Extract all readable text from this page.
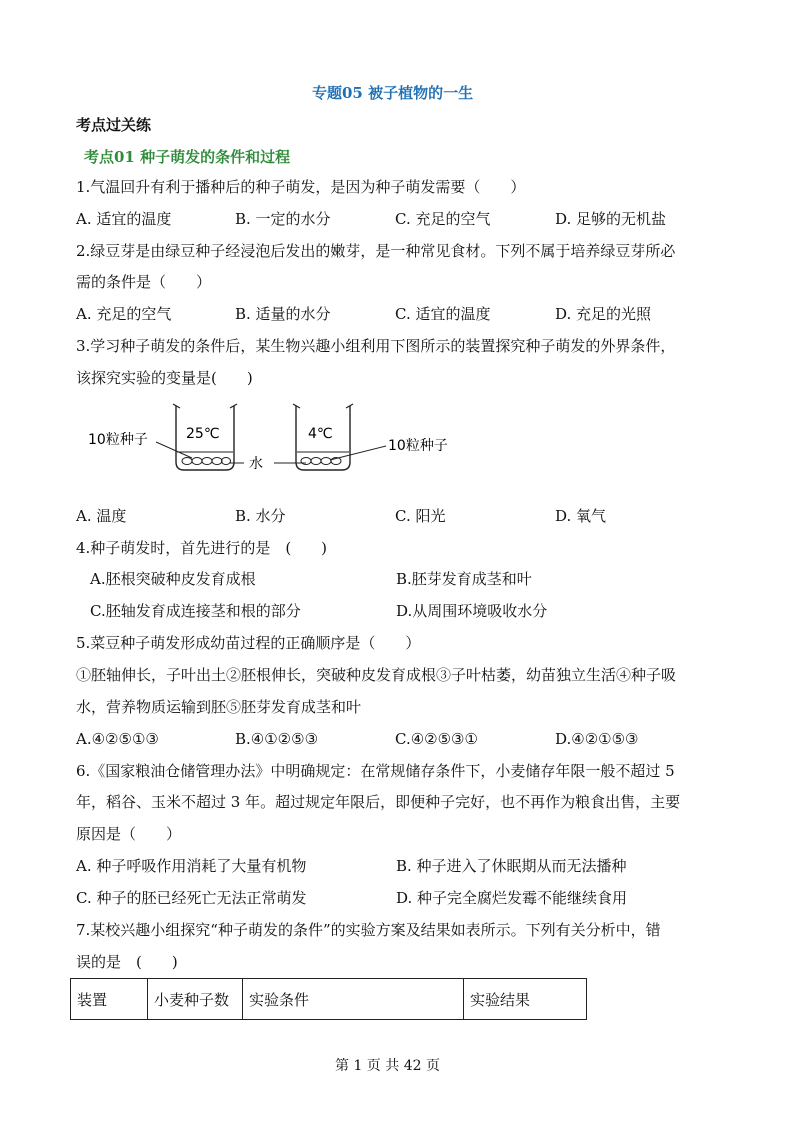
专题05 被子植物的一生
考点过关练
考点01 种子萌发的条件和过程
1.气温回升有利于播种后的种子萌发，是因为种子萌发需要（　　）
A. 适宜的温度	B. 一定的水分	C. 充足的空气	D. 足够的无机盐
2.绿豆芽是由绿豆种子经浸泡后发出的嫩芽，是一种常见食材。下列不属于培养绿豆芽所必
需的条件是（　　）
A. 充足的空气	B. 适量的水分	C. 适宜的温度	D. 充足的光照
3.学习种子萌发的条件后，某生物兴趣小组利用下图所示的装置探究种子萌发的外界条件，
该探究实验的变量是(　　)
25℃	4℃
10粒种子
水
10粒种子
A. 温度	B. 水分	C. 阳光	D. 氧气
4.种子萌发时，首先进行的是　(　　)
A.胚根突破种皮发育成根	B.胚芽发育成茎和叶
C.胚轴发育成连接茎和根的部分	D.从周围环境吸收水分
5.菜豆种子萌发形成幼苗过程的正确顺序是（　　）
①胚轴伸长，子叶出土②胚根伸长，突破种皮发育成根③子叶枯萎，幼苗独立生活④种子吸
水，营养物质运输到胚⑤胚芽发育成茎和叶
A.④②⑤①③	B.④①②⑤③	C.④②⑤③①	D.④②①⑤③
6.《国家粮油仓储管理办法》中明确规定：在常规储存条件下，小麦储存年限一般不超过 5
年，稻谷、玉米不超过 3 年。超过规定年限后，即便种子完好，也不再作为粮食出售，主要
原因是（　　）
A. 种子呼吸作用消耗了大量有机物	B. 种子进入了休眠期从而无法播种
C. 种子的胚已经死亡无法正常萌发	D. 种子完全腐烂发霉不能继续食用
7.某校兴趣小组探究“种子萌发的条件”的实验方案及结果如表所示。下列有关分析中，错
误的是　(　　)
装置	小麦种子数	实验条件	实验结果
第 1 页 共 42 页
